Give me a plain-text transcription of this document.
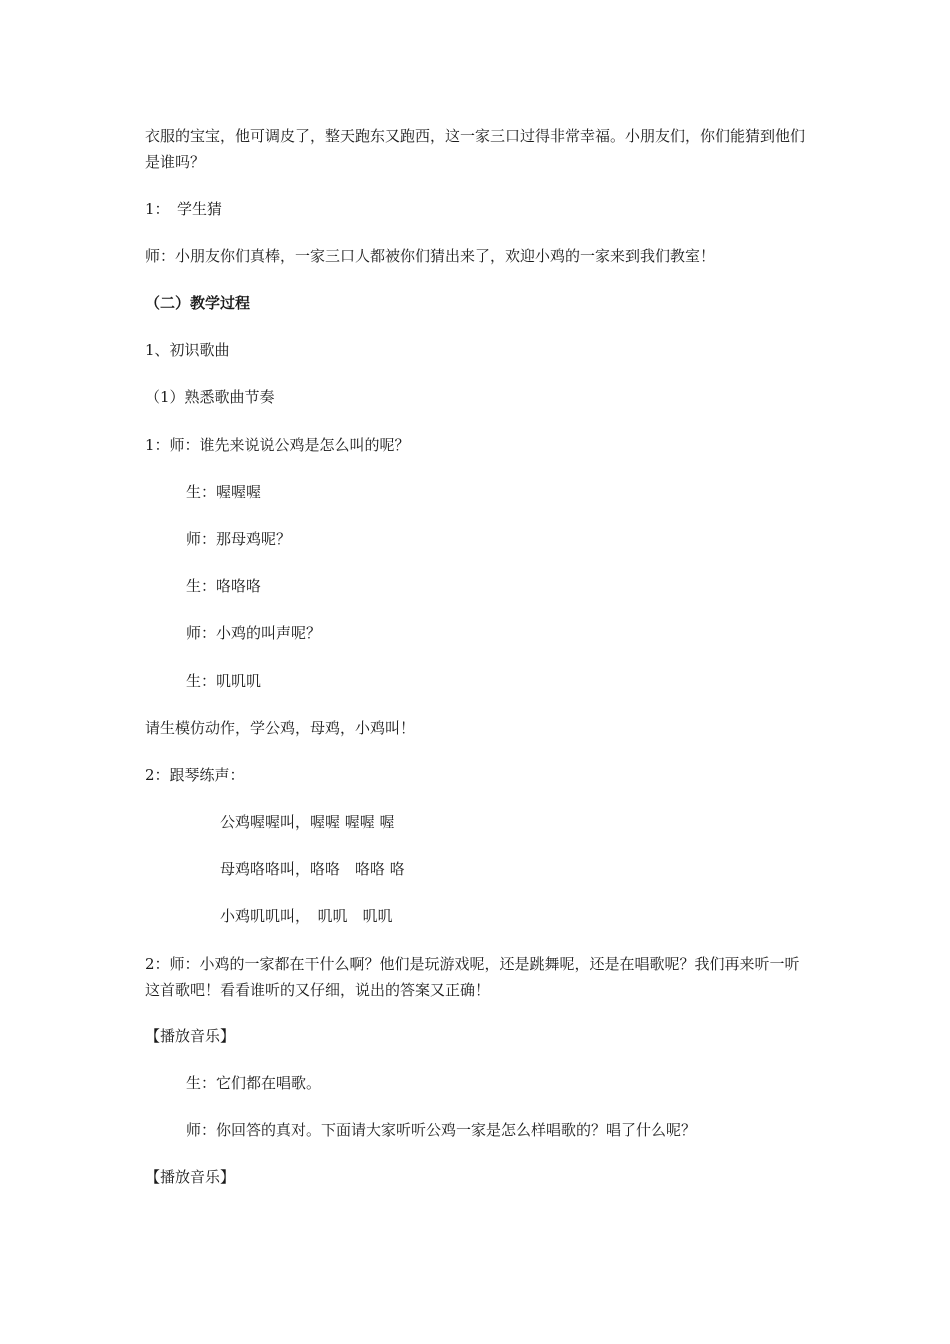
衣服的宝宝，他可调皮了，整天跑东又跑西，这一家三口过得非常幸福。小朋友们，你们能猜到他们是谁吗？
1：　学生猜
师：小朋友你们真棒，一家三口人都被你们猜出来了，欢迎小鸡的一家来到我们教室！
（二）教学过程
1、初识歌曲
（1）熟悉歌曲节奏
1：师：谁先来说说公鸡是怎么叫的呢？
生：喔喔喔
师：那母鸡呢？
生：咯咯咯
师：小鸡的叫声呢？
生：叽叽叽
请生模仿动作，学公鸡，母鸡，小鸡叫！
2：跟琴练声：
公鸡喔喔叫，喔喔 喔喔 喔
母鸡咯咯叫，咯咯　咯咯 咯
小鸡叽叽叫，　叽叽　叽叽
2：师：小鸡的一家都在干什么啊？他们是玩游戏呢，还是跳舞呢，还是在唱歌呢？我们再来听一听这首歌吧！看看谁听的又仔细，说出的答案又正确！
【播放音乐】
生：它们都在唱歌。
师：你回答的真对。下面请大家听听公鸡一家是怎么样唱歌的？唱了什么呢？
【播放音乐】
